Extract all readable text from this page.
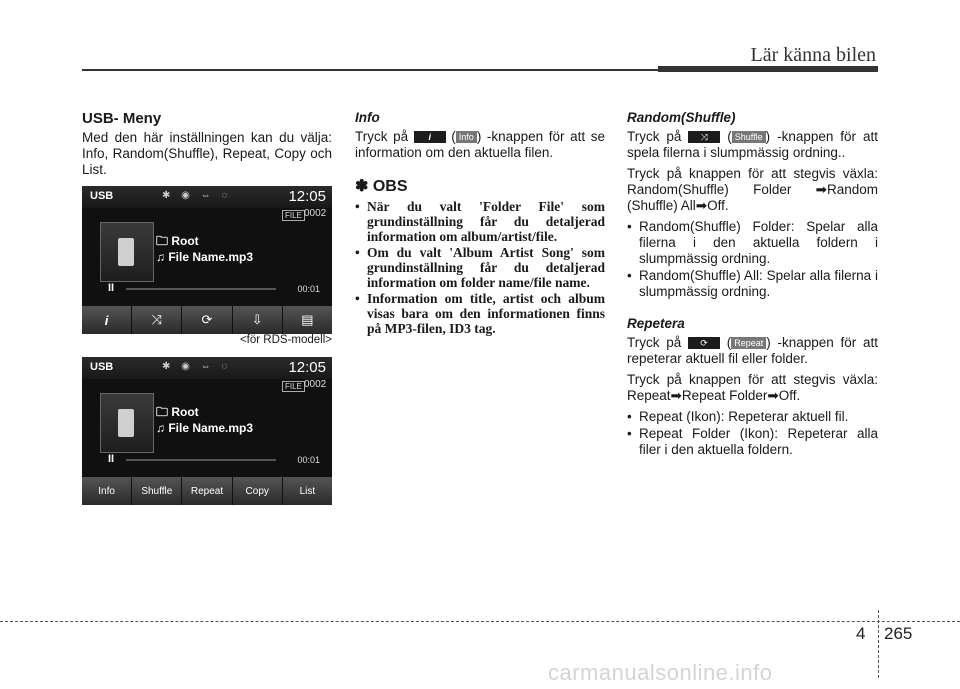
Lär känna bilen
USB- Meny

Med den här inställningen kan du välja: Info, Random(Shuffle), Repeat, Copy och List.

USB	✱ ◉ ⇔ ◌	12:05
FILE 0002
🗀 Root
♫ File Name.mp3
II	00:01
i	⤨	⟳	⇩	▤
<för RDS-modell>
USB	✱ ◉ ⇔ ◌	12:05
FILE 0002
🗀 Root
♫ File Name.mp3
II	00:01
Info	Shuffle	Repeat	Copy	List
Info

Tryck på i ( Info ) -knappen för att se information om den aktuella filen.

✽ OBS
• När du valt 'Folder File' som grundinställning får du detaljerad information om album/artist/file.
• Om du valt 'Album Artist Song' som grundinställning får du detaljerad information om folder name/file name.
• Information om title, artist och album visas bara om den informationen finns på MP3-filen, ID3 tag.
Random(Shuffle)

Tryck på ⤨ ( Shuffle ) -knappen för att spela filerna i slumpmässig ordning..

Tryck på knappen för att stegvis växla: Random(Shuffle) Folder ➡Random (Shuffle) All➡Off.

• Random(Shuffle) Folder: Spelar alla filerna i den aktuella foldern i slumpmässig ordning.
• Random(Shuffle) All: Spelar alla filerna i slumpmässig ordning.
Repetera

Tryck på ⟳ ( Repeat ) -knappen för att repeterar aktuell fil eller folder.

Tryck på knappen för att stegvis växla: Repeat➡Repeat Folder➡Off.

• Repeat (Ikon): Repeterar aktuell fil.
• Repeat Folder (Ikon): Repeterar alla filer i den aktuella foldern.
4 265
carmanualsonline.info
